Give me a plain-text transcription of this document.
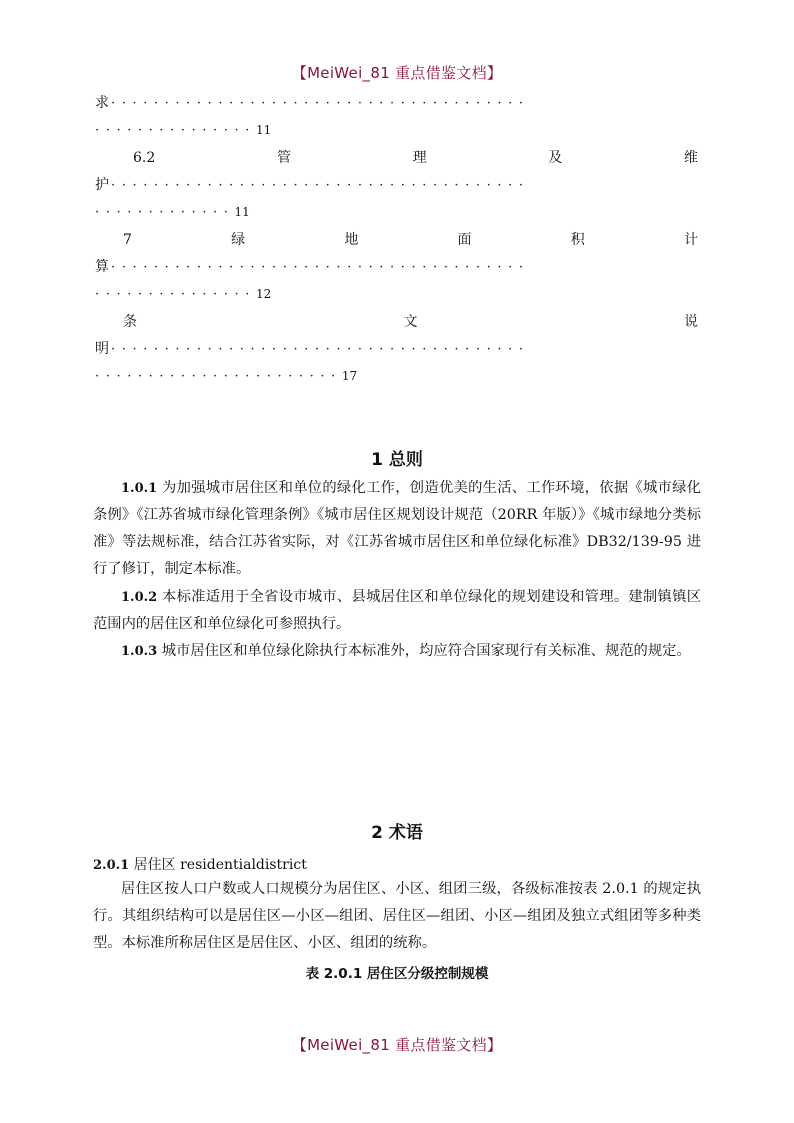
【MeiWei_81 重点借鉴文档】
求 ·······································
···············11
6.2	管	理	及	维
护 ·······································
·············11
7	绿	地	面	积	计
算 ·······································
···············12
条	文	说
明 ·······································
·······················17
1 总则
1.0.1 为加强城市居住区和单位的绿化工作，创造优美的生活、工作环境，依据《城市绿化条例》《江苏省城市绿化管理条例》《城市居住区规划设计规范（20RR 年版）》《城市绿地分类标准》等法规标准，结合江苏省实际，对《江苏省城市居住区和单位绿化标准》DB32/139-95 进行了修订，制定本标准。
1.0.2 本标准适用于全省设市城市、县城居住区和单位绿化的规划建设和管理。建制镇镇区范围内的居住区和单位绿化可参照执行。
1.0.3 城市居住区和单位绿化除执行本标准外，均应符合国家现行有关标准、规范的规定。
2 术语
2.0.1 居住区 residentialdistrict
居住区按人口户数或人口规模分为居住区、小区、组团三级，各级标准按表 2.0.1 的规定执行。其组织结构可以是居住区—小区—组团、居住区—组团、小区—组团及独立式组团等多种类型。本标准所称居住区是居住区、小区、组团的统称。
表 2.0.1 居住区分级控制规模
【MeiWei_81 重点借鉴文档】
